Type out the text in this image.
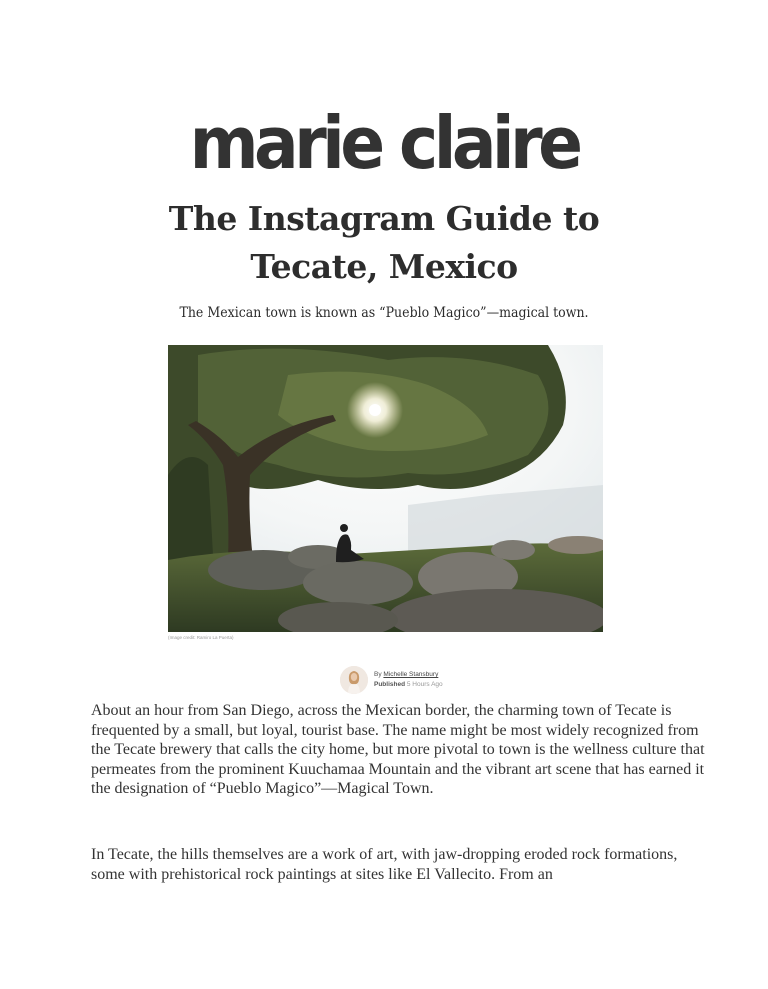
marie claire
The Instagram Guide to Tecate, Mexico
The Mexican town is known as “Pueblo Magico”—magical town.
(Image credit: Ramiro La Puerta)
By Michelle Stansbury
Published 5 Hours Ago

About an hour from San Diego, across the Mexican border, the charming town of Tecate is frequented by a small, but loyal, tourist base. The name might be most widely recognized from the Tecate brewery that calls the city home, but more pivotal to town is the wellness culture that permeates from the prominent Kuuchamaa Mountain and the vibrant art scene that has earned it the designation of “Pueblo Magico”—Magical Town.

In Tecate, the hills themselves are a work of art, with jaw-dropping eroded rock formations, some with prehistorical rock paintings at sites like El Vallecito. From an
